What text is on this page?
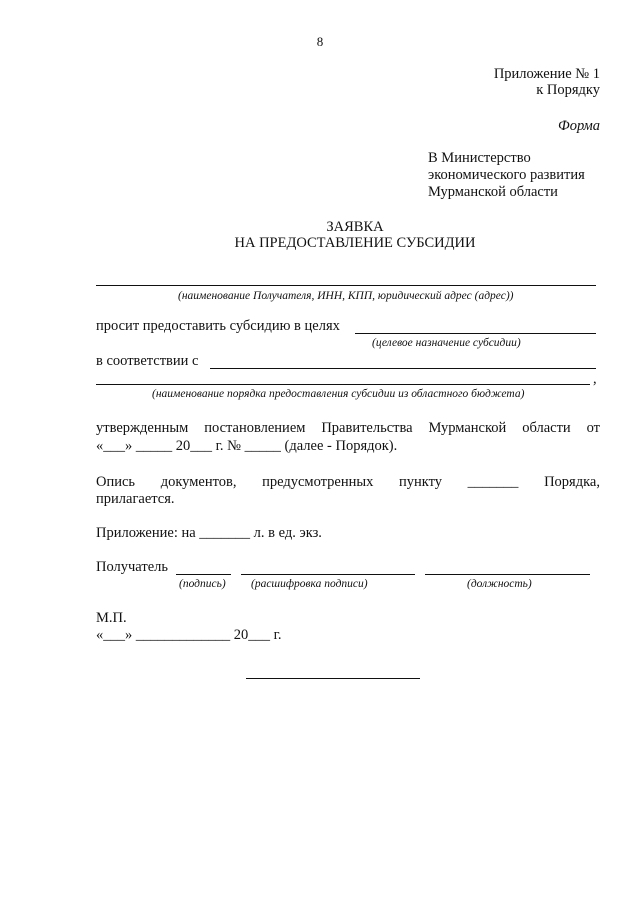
8
Приложение № 1
к Порядку
Форма
В Министерство
экономического развития
Мурманской области
ЗАЯВКА
НА ПРЕДОСТАВЛЕНИЕ СУБСИДИИ
(наименование Получателя, ИНН, КПП, юридический адрес (адрес))
просит предоставить субсидию в целях
(целевое назначение субсидии)
в соответствии с
,
(наименование порядка предоставления субсидии из областного бюджета)
утвержденным постановлением Правительства Мурманской области от
«___» _____ 20___ г. № _____ (далее - Порядок).
Опись документов, предусмотренных пункту _______ Порядка,
прилагается.
Приложение: на _______ л. в ед. экз.
Получатель
(подпись) (расшифровка подписи)	(должность)
М.П.
«___» _____________ 20___ г.
